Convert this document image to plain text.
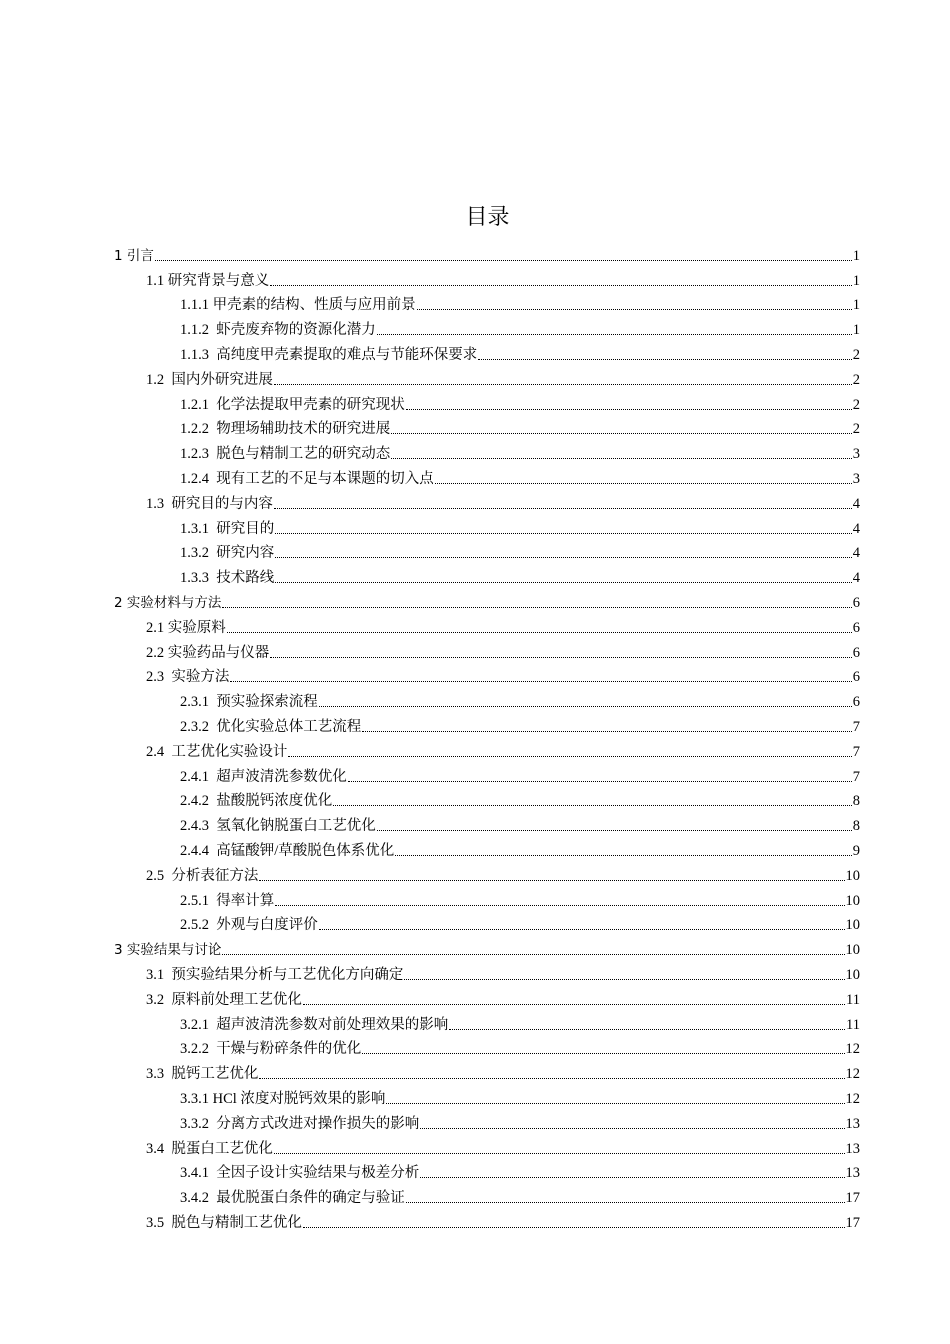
目录
1 引言	1
1.1 研究背景与意义	1
1.1.1 甲壳素的结构、性质与应用前景	1
1.1.2  虾壳废弃物的资源化潜力	1
1.1.3  高纯度甲壳素提取的难点与节能环保要求	2
1.2  国内外研究进展	2
1.2.1  化学法提取甲壳素的研究现状	2
1.2.2  物理场辅助技术的研究进展	2
1.2.3  脱色与精制工艺的研究动态	3
1.2.4  现有工艺的不足与本课题的切入点	3
1.3  研究目的与内容	4
1.3.1  研究目的	4
1.3.2  研究内容	4
1.3.3  技术路线	4
2 实验材料与方法	6
2.1 实验原料	6
2.2 实验药品与仪器	6
2.3  实验方法	6
2.3.1  预实验探索流程	6
2.3.2  优化实验总体工艺流程	7
2.4  工艺优化实验设计	7
2.4.1  超声波清洗参数优化	7
2.4.2  盐酸脱钙浓度优化	8
2.4.3  氢氧化钠脱蛋白工艺优化	8
2.4.4  高锰酸钾/草酸脱色体系优化	9
2.5  分析表征方法	10
2.5.1  得率计算	10
2.5.2  外观与白度评价	10
3 实验结果与讨论	10
3.1  预实验结果分析与工艺优化方向确定	10
3.2  原料前处理工艺优化	11
3.2.1  超声波清洗参数对前处理效果的影响	11
3.2.2  干燥与粉碎条件的优化	12
3.3  脱钙工艺优化	12
3.3.1 HCl 浓度对脱钙效果的影响	12
3.3.2  分离方式改进对操作损失的影响	13
3.4  脱蛋白工艺优化	13
3.4.1  全因子设计实验结果与极差分析	13
3.4.2  最优脱蛋白条件的确定与验证	17
3.5  脱色与精制工艺优化	17
